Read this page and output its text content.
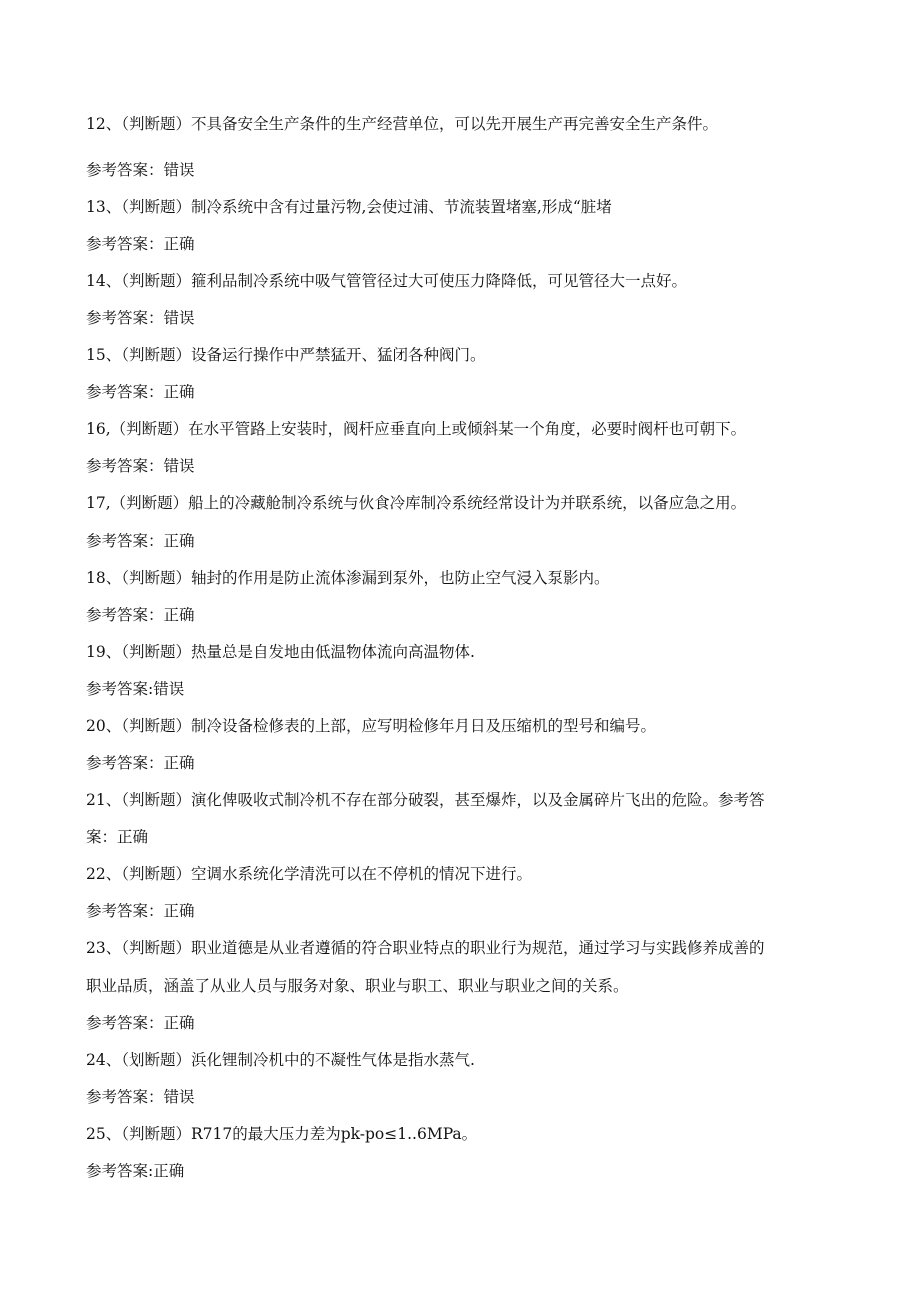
12、（判断题）不具备安全生产条件的生产经营单位，可以先开展生产再完善安全生产条件。
参考答案：错误
13、（判断题）制冷系统中含有过量污物,会使过浦、节流装置堵塞,形成“脏堵
参考答案：正确
14、（判断题）箍利品制冷系统中吸气管管径过大可使压力降降低，可见管径大一点好。
参考答案：错误
15、（判断题）设备运行操作中严禁猛开、猛闭各种阀门。
参考答案：正确
16,（判断题）在水平管路上安装时，阀杆应垂直向上或倾斜某一个角度，必要时阀杆也可朝下。
参考答案：错误
17,（判断题）船上的冷藏舱制冷系统与伙食冷库制冷系统经常设计为并联系统，以备应急之用。
参考答案：正确
18、（判断题）轴封的作用是防止流体渗漏到泵外，也防止空气浸入泵影内。
参考答案：正确
19、（判断题）热量总是自发地由低温物体流向高温物体.
参考答案:错误
20、（判断题）制冷设备检修表的上部，应写明检修年月日及压缩机的型号和编号。
参考答案：正确
21、（判断题）演化俾吸收式制冷机不存在部分破裂，甚至爆炸，以及金属碎片飞出的危险。参考答
案：正确
22、（判断题）空调水系统化学清洗可以在不停机的情况下进行。
参考答案：正确
23、（判断题）职业道德是从业者遵循的符合职业特点的职业行为规范，通过学习与实践修养成善的
职业品质，涵盖了从业人员与服务对象、职业与职工、职业与职业之间的关系。
参考答案：正确
24、（划断题）浜化锂制冷机中的不凝性气体是指水蒸气.
参考答案：错误
25、（判断题）R717的最大压力差为pk-po≤1..6MPa。
参考答案:正确
